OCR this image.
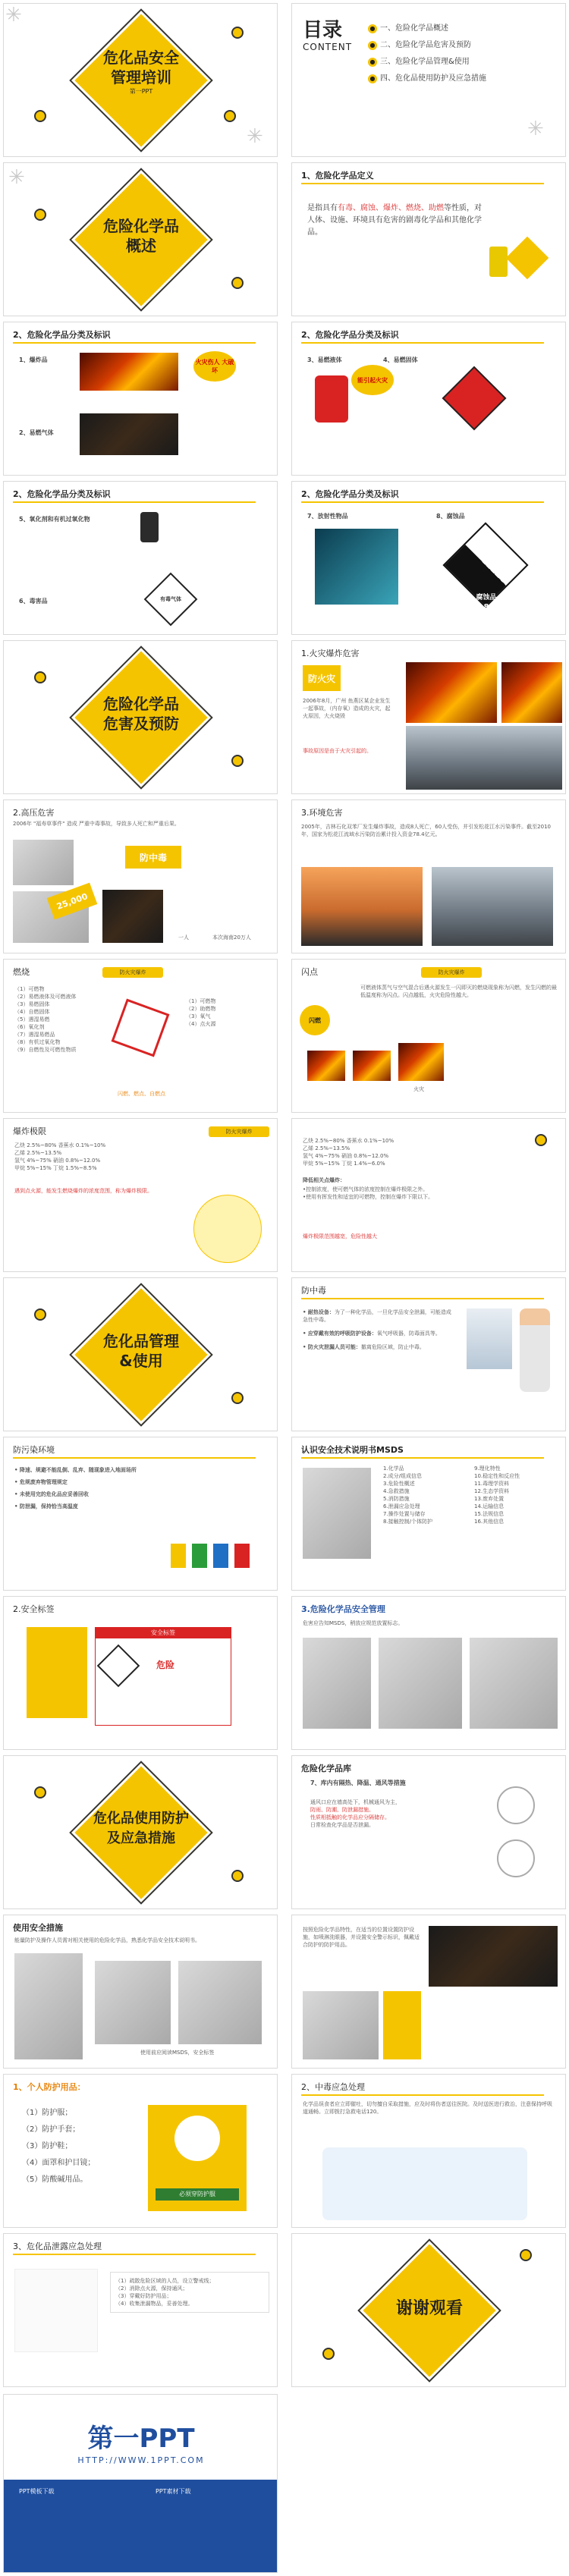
✳
✳
危化品安全
管理培训
第一PPT
目录
CONTENT
● 一、危险化学品概述
● 二、危险化学品危害及预防
● 三、危险化学品管理&使用
● 四、危化品使用防护及应急措施
✳
✳
危险化学品
概述
1、危险化学品定义
是指具有有毒、腐蚀、爆炸、燃烧、助燃等性质，对人体、设施、环境具有危害的剧毒化学品和其他化学品。
2、危险化学品分类及标识
1、爆炸品	火灾伤人 大破坏
2、易燃气体
2、危险化学品分类及标识
3、易燃液体	4、易燃固体
能引起火灾
2、危险化学品分类及标识
5、氧化剂和有机过氧化物
6、毒害品	有毒气体
2、危险化学品分类及标识
7、放射性物品	8、腐蚀品
腐蚀品
8
危险化学品
危害及预防
1.火灾爆炸危害
防火灾
2006年8月，广州 鱼燕区某企业发生一起事故，（内存氧）造成的火灾，起火原因，大火烧毁
事故原因是由于火灾引起的。
2.高压危害
2006年 "福寿草事件" 造成 严重中毒事故，导致多人死亡和严重后果。
防中毒
25,000
一人	本次海南20万人
3.环境危害
2005年，吉林石化双苯厂发生爆炸事故，造成8人死亡，60人受伤，并引发松花江水污染事件。截至2010年，国家为松花江流域水污染防治累计投入资金78.4亿元。
燃烧	防火灾爆炸
（1）可燃物
（2）易燃液体及可燃液体
（3）易燃固体
（4）自燃固体
（5）遇湿易燃
（6）氧化剂
（7）遇湿易燃品
（8）有机过氧化物
（9）自燃性及可燃性物质
（1）可燃物
（2）助燃物
（3）氧气
（4）点火源
闪燃、燃点、自燃点
闪点	防火灾爆炸
闪燃
可燃液体蒸气与空气混合后遇火源发生一闪即灭的燃烧现象称为闪燃，发生闪燃的最低温度称为闪点。闪点越低，火灾危险性越大。
火灾
爆炸极限	防火灾爆炸
乙炔 2.5%~80% 香蕉水 0.1%~10%
乙烯 2.5%~13.5%
氢气 4%~75% 硝油 0.8%~12.0%
甲烷 5%~15% 丁烷 1.5%~8.5%
遇到点火源，能发生燃烧爆炸的浓度范围，称为爆炸极限。
乙炔 2.5%~80% 香蕉水 0.1%~10%
乙烯 2.5%~13.5%
氢气 4%~75% 硝油 0.8%~12.0%
甲烷 5%~15% 丁烷 1.4%~6.0%
降低相关点爆炸：
•控制浓度，使可燃气体的浓度控制在爆炸极限之外。
•使用有挥发性和适宜的可燃物，控制在爆炸下限以下。
爆炸极限范围越宽，危险性越大
危化品管理
&使用
防中毒
• 耐热设备：为了一种化学品，一旦化学品安全泄漏，可能造成急性中毒。
• 应穿戴有效的呼吸防护设备：氧气呼吸器，防毒面具等。
• 防火灾泄漏人员可能：撤离危险区域，防止中毒。
防污染环境
• 降速、规避不能乱倒、乱弃、随现象进入地面场所
• 危规废弃物管理规定
• 未使用完的危化品应妥善回收
• 防泄漏，保持恰当高温度
认识安全技术说明书MSDS
1.化学品
2.成分/组成信息
3.危险性概述
4.急救措施
5.消防措施
6.泄漏应急处理
7.操作处置与储存
8.接触控制/个体防护
9.理化特性
10.稳定性和反应性
11.毒理学资料
12.生态学资料
13.废弃处置
14.运输信息
15.法规信息
16.其他信息
2.安全标签
安全标签
危险
3.危险化学品安全管理
危害应告知MSDS，稍放应规范放置标志。
危化品使用防护
及应急措施
危险化学品库
7、库内有隔热、降温、通风等措施
通风口应在墙高处下，机械通风为主，
防雨、防潮、防泄漏措施。
性质相抵触的化学品应分隔储存。
日常检查化学品是否泄漏。
使用安全措施
能量防护及操作人员需对相关使用的危险化学品，熟悉化学品安全技术说明书。
使用前应阅读MSDS，安全标签
按照危险化学品特性，在适当的位置设置防护设施，如喷淋洗眼器，并设置安全警示标识，佩戴适合防护的防护用品。
1、个人防护用品：
（1）防护服；
（2）防护手套；
（3）防护鞋；
（4）面罩和护目镜；
（5）防酸碱用品。
必须穿防护服
2、中毒应急处理
化学品误食者应立即催吐，切勿擅自采取措施，应及时将伤者送往医院。及时送医进行救治，注意保持呼吸道通畅。立即拨打急救电话120。
3、危化品泄露应急处理
（1）疏散危险区域的人员，设立警戒线；
（2）消除点火源，保持通风；
（3）穿戴好防护用品；
（4）收集泄漏物品，妥善处理。	谢谢观看
第一PPT
HTTP://WWW.1PPT.COM
PPT模板下载	PPT素材下载
